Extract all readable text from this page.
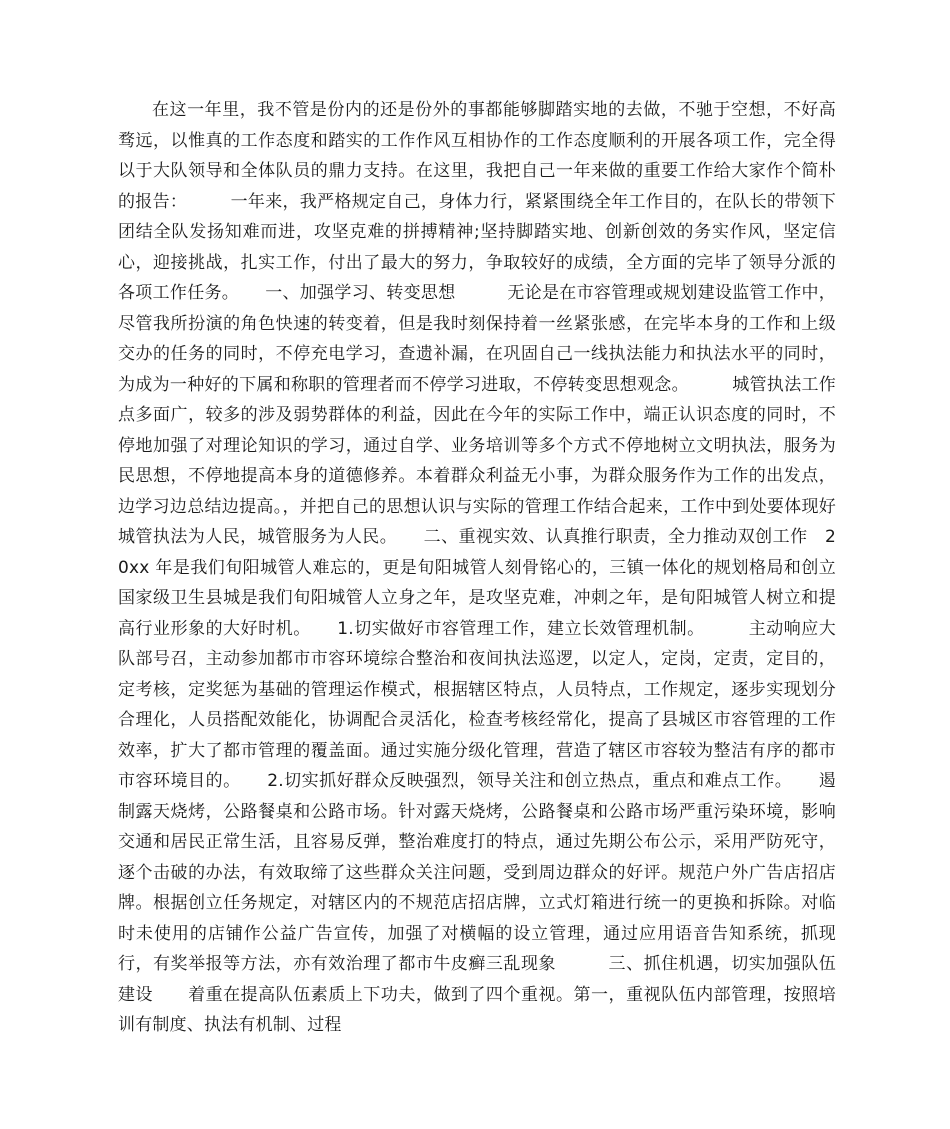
在这一年里，我不管是份内的还是份外的事都能够脚踏实地的去做，不驰于空想，不好高骛远，以惟真的工作态度和踏实的工作作风互相协作的工作态度顺利的开展各项工作，完全得以于大队领导和全体队员的鼎力支持。在这里，我把自己一年来做的重要工作给大家作个简朴的报告：　　　一年来，我严格规定自己，身体力行，紧紧围绕全年工作目的，在队长的带领下团结全队发扬知难而进，攻坚克难的拼搏精神;坚持脚踏实地、创新创效的务实作风，坚定信心，迎接挑战，扎实工作，付出了最大的努力，争取较好的成绩，全方面的完毕了领导分派的各项工作任务。　　一、加强学习、转变思想　　　无论是在市容管理或规划建设监管工作中，尽管我所扮演的角色快速的转变着，但是我时刻保持着一丝紧张感，在完毕本身的工作和上级交办的任务的同时，不停充电学习，查遗补漏，在巩固自己一线执法能力和执法水平的同时，为成为一种好的下属和称职的管理者而不停学习进取，不停转变思想观念。　　　城管执法工作点多面广，较多的涉及弱势群体的利益，因此在今年的实际工作中，端正认识态度的同时，不停地加强了对理论知识的学习，通过自学、业务培训等多个方式不停地树立文明执法，服务为民思想，不停地提高本身的道德修养。本着群众利益无小事，为群众服务作为工作的出发点，边学习边总结边提高。，并把自己的思想认识与实际的管理工作结合起来，工作中到处要体现好城管执法为人民，城管服务为人民。　　二、重视实效、认真推行职责，全力推动双创工作　20xx 年是我们旬阳城管人难忘的，更是旬阳城管人刻骨铭心的，三镇一体化的规划格局和创立国家级卫生县城是我们旬阳城管人立身之年，是攻坚克难，冲刺之年，是旬阳城管人树立和提高行业形象的大好时机。　　1.切实做好市容管理工作，建立长效管理机制。　　　主动响应大队部号召，主动参加都市市容环境综合整治和夜间执法巡逻，以定人，定岗，定责，定目的，定考核，定奖惩为基础的管理运作模式，根据辖区特点，人员特点，工作规定，逐步实现划分合理化，人员搭配效能化，协调配合灵活化，检查考核经常化，提高了县城区市容管理的工作效率，扩大了都市管理的覆盖面。通过实施分级化管理，营造了辖区市容较为整洁有序的都市市容环境目的。　　2.切实抓好群众反映强烈，领导关注和创立热点，重点和难点工作。　　遏制露天烧烤，公路餐桌和公路市场。针对露天烧烤，公路餐桌和公路市场严重污染环境，影响交通和居民正常生活，且容易反弹，整治难度打的特点，通过先期公布公示，采用严防死守，逐个击破的办法，有效取缔了这些群众关注问题，受到周边群众的好评。规范户外广告店招店牌。根据创立任务规定，对辖区内的不规范店招店牌，立式灯箱进行统一的更换和拆除。对临时未使用的店铺作公益广告宣传，加强了对横幅的设立管理，通过应用语音告知系统，抓现行，有奖举报等方法，亦有效治理了都市牛皮癣三乱现象　　　三、抓住机遇，切实加强队伍建设　　着重在提高队伍素质上下功夫，做到了四个重视。第一，重视队伍内部管理，按照培训有制度、执法有机制、过程
